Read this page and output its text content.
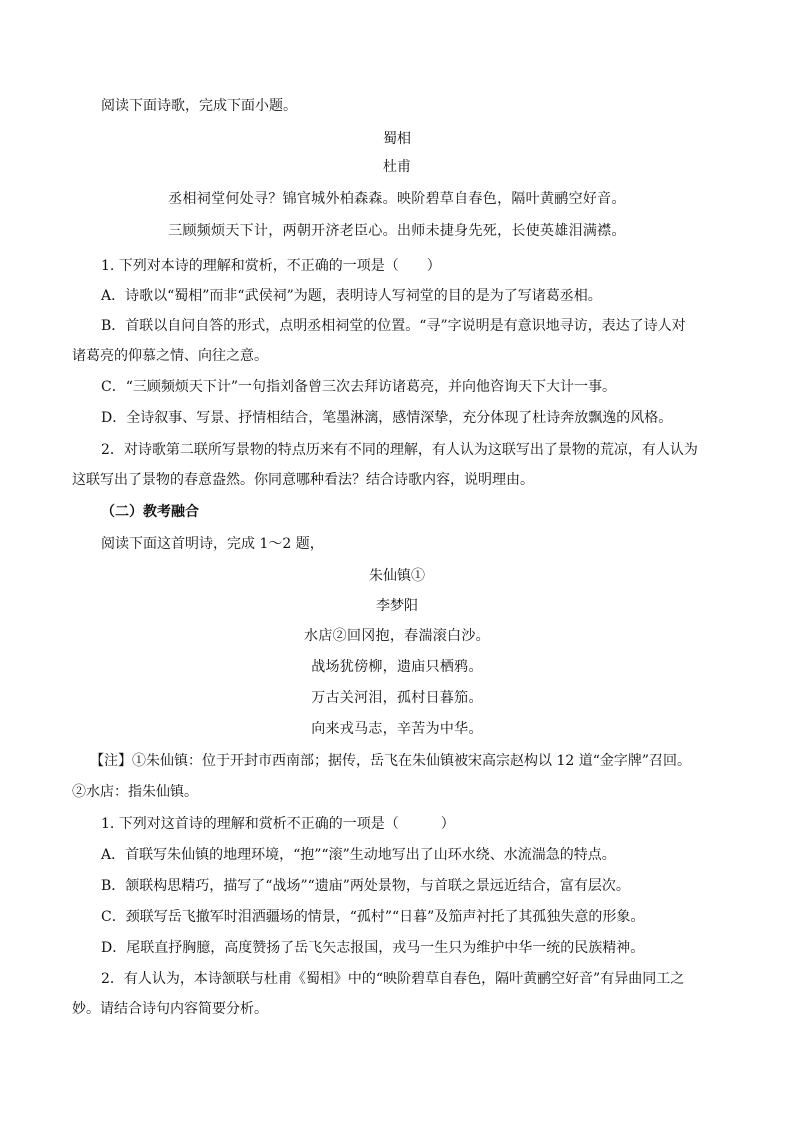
阅读下面诗歌，完成下面小题。
蜀相
杜甫
丞相祠堂何处寻？锦官城外柏森森。映阶碧草自春色，隔叶黄鹂空好音。
三顾频烦天下计，两朝开济老臣心。出师未捷身先死，长使英雄泪满襟。
1. 下列对本诗的理解和赏析，不正确的一项是（　　）
A．诗歌以“蜀相”而非“武侯祠”为题，表明诗人写祠堂的目的是为了写诸葛丞相。
B．首联以自问自答的形式，点明丞相祠堂的位置。“寻”字说明是有意识地寻访，表达了诗人对
诸葛亮的仰慕之情、向往之意。
C．“三顾频烦天下计”一句指刘备曾三次去拜访诸葛亮，并向他咨询天下大计一事。
D．全诗叙事、写景、抒情相结合，笔墨淋漓，感情深挚，充分体现了杜诗奔放飘逸的风格。
2．对诗歌第二联所写景物的特点历来有不同的理解，有人认为这联写出了景物的荒凉，有人认为
这联写出了景物的春意盎然。你同意哪种看法？结合诗歌内容，说明理由。
（二）教考融合
阅读下面这首明诗，完成 1～2 题，
朱仙镇①
李梦阳
水店②回冈抱，春湍滚白沙。
战场犹傍柳，遗庙只栖鸦。
万古关河泪，孤村日暮笳。
向来戎马志，辛苦为中华。
【注】①朱仙镇：位于开封市西南部；据传，岳飞在朱仙镇被宋高宗赵构以 12 道“金字牌”召回。
②水店：指朱仙镇。
1. 下列对这首诗的理解和赏析不正确的一项是（　　　）
A．首联写朱仙镇的地理环境，“抱”“滚”生动地写出了山环水绕、水流湍急的特点。
B．颔联构思精巧，描写了“战场”“遗庙”两处景物，与首联之景远近结合，富有层次。
C．颈联写岳飞撤军时泪洒疆场的情景，“孤村”“日暮”及笳声衬托了其孤独失意的形象。
D．尾联直抒胸臆，高度赞扬了岳飞矢志报国，戎马一生只为维护中华一统的民族精神。
2．有人认为，本诗颔联与杜甫《蜀相》中的“映阶碧草自春色，隔叶黄鹂空好音”有异曲同工之
妙。请结合诗句内容简要分析。
